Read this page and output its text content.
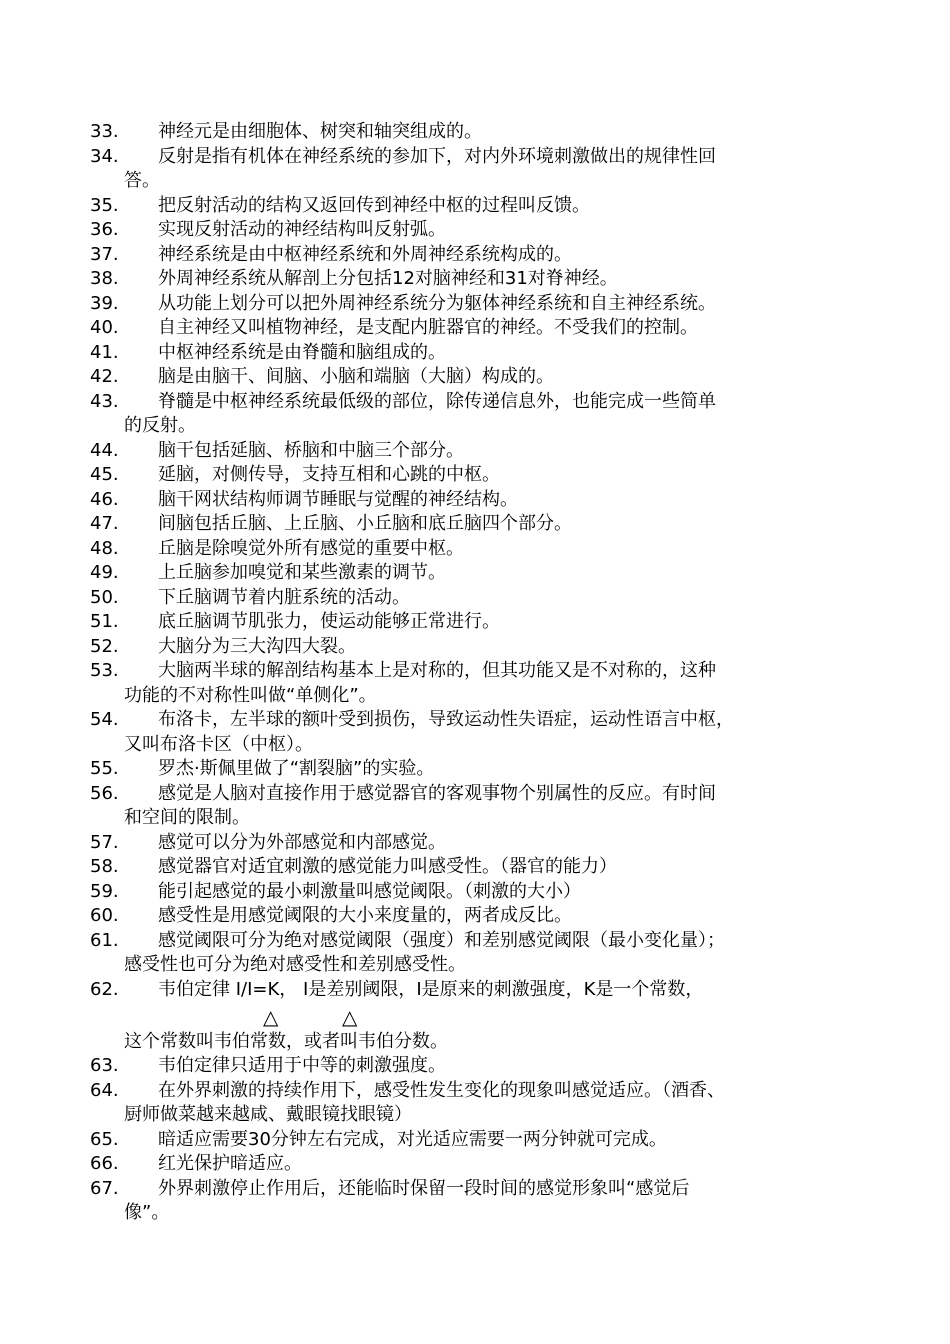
33.	神经元是由细胞体、树突和轴突组成的。
34.	反射是指有机体在神经系统的参加下，对内外环境刺激做出的规律性回
答。
35.	把反射活动的结构又返回传到神经中枢的过程叫反馈。
36.	实现反射活动的神经结构叫反射弧。
37.	神经系统是由中枢神经系统和外周神经系统构成的。
38.	外周神经系统从解剖上分包括12对脑神经和31对脊神经。
39.	从功能上划分可以把外周神经系统分为躯体神经系统和自主神经系统。
40.	自主神经又叫植物神经，是支配内脏器官的神经。不受我们的控制。
41.	中枢神经系统是由脊髓和脑组成的。
42.	脑是由脑干、间脑、小脑和端脑（大脑）构成的。
43.	脊髓是中枢神经系统最低级的部位，除传递信息外，也能完成一些简单
的反射。
44.	脑干包括延脑、桥脑和中脑三个部分。
45.	延脑，对侧传导，支持互相和心跳的中枢。
46.	脑干网状结构师调节睡眠与觉醒的神经结构。
47.	间脑包括丘脑、上丘脑、小丘脑和底丘脑四个部分。
48.	丘脑是除嗅觉外所有感觉的重要中枢。
49.	上丘脑参加嗅觉和某些激素的调节。
50.	下丘脑调节着内脏系统的活动。
51.	底丘脑调节肌张力，使运动能够正常进行。
52.	大脑分为三大沟四大裂。
53.	大脑两半球的解剖结构基本上是对称的，但其功能又是不对称的，这种
功能的不对称性叫做“单侧化”。
54.	布洛卡，左半球的额叶受到损伤，导致运动性失语症，运动性语言中枢，
又叫布洛卡区（中枢）。
55.	罗杰·斯佩里做了“割裂脑”的实验。
56.	感觉是人脑对直接作用于感觉器官的客观事物个别属性的反应。有时间
和空间的限制。
57.	感觉可以分为外部感觉和内部感觉。
58.	感觉器官对适宜刺激的感觉能力叫感受性。（器官的能力）
59.	能引起感觉的最小刺激量叫感觉阈限。（刺激的大小）
60.	感受性是用感觉阈限的大小来度量的，两者成反比。
61.	感觉阈限可分为绝对感觉阈限（强度）和差别感觉阈限（最小变化量）；
感受性也可分为绝对感受性和差别感受性。
62.	韦伯定律 I/I=K， I是差别阈限，I是原来的刺激强度，K是一个常数，
△	△
这个常数叫韦伯常数，或者叫韦伯分数。
63.	韦伯定律只适用于中等的刺激强度。
64.	在外界刺激的持续作用下，感受性发生变化的现象叫感觉适应。（酒香、
厨师做菜越来越咸、戴眼镜找眼镜）
65.	暗适应需要30分钟左右完成，对光适应需要一两分钟就可完成。
66.	红光保护暗适应。
67.	外界刺激停止作用后，还能临时保留一段时间的感觉形象叫“感觉后
像”。
